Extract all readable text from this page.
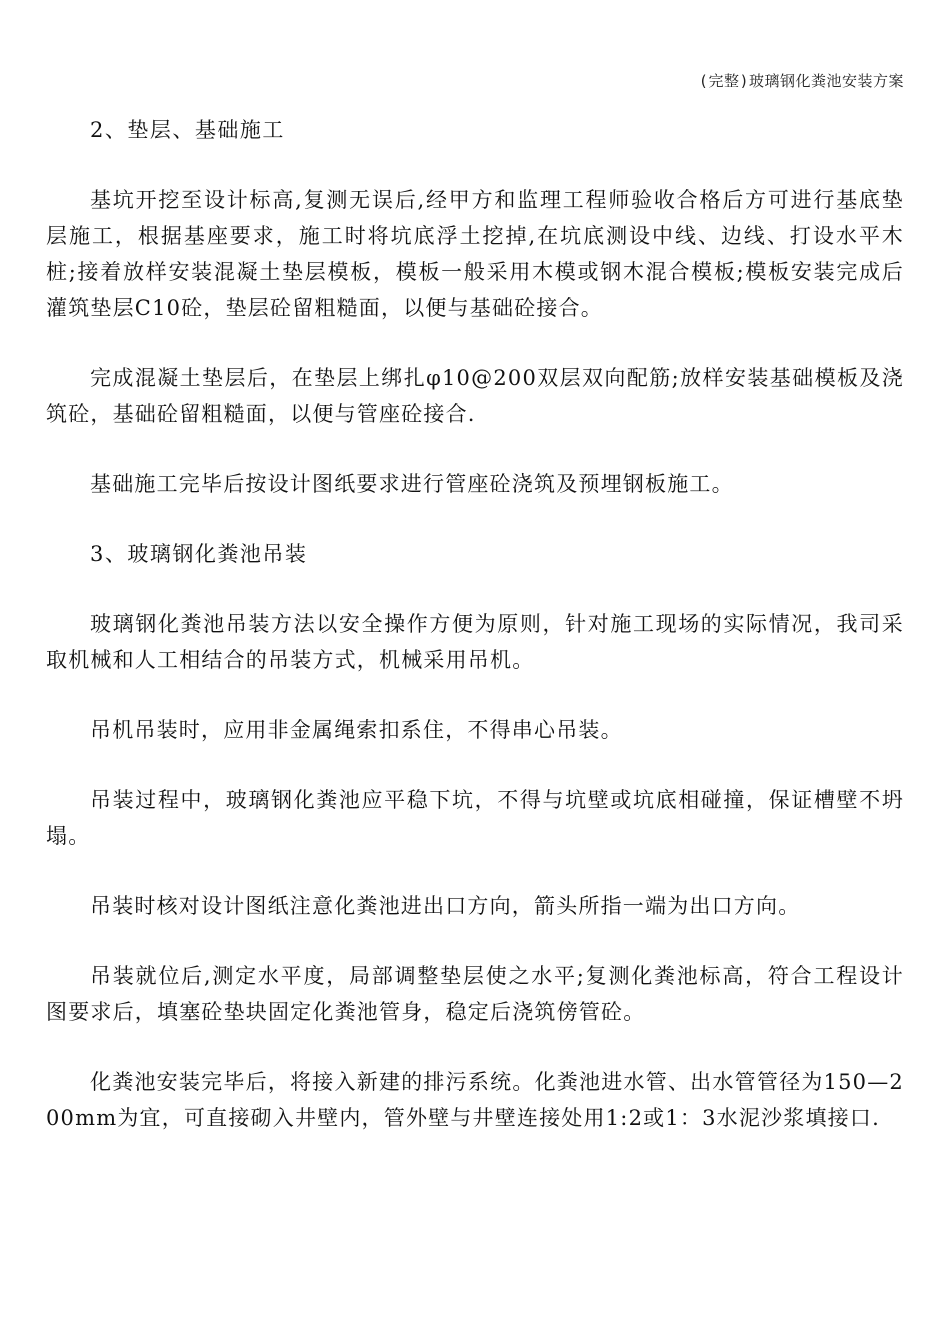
(完整)玻璃钢化粪池安装方案

2、垫层、基础施工

基坑开挖至设计标高,复测无误后,经甲方和监理工程师验收合格后方可进行基底垫层施工，根据基座要求，施工时将坑底浮土挖掉,在坑底测设中线、边线、打设水平木桩;接着放样安装混凝土垫层模板，模板一般采用木模或钢木混合模板;模板安装完成后灌筑垫层C10砼，垫层砼留粗糙面，以便与基础砼接合。

完成混凝土垫层后，在垫层上绑扎φ10@200双层双向配筋;放样安装基础模板及浇筑砼，基础砼留粗糙面，以便与管座砼接合.

基础施工完毕后按设计图纸要求进行管座砼浇筑及预埋钢板施工。

3、玻璃钢化粪池吊装

玻璃钢化粪池吊装方法以安全操作方便为原则，针对施工现场的实际情况，我司采取机械和人工相结合的吊装方式，机械采用吊机。

吊机吊装时，应用非金属绳索扣系住，不得串心吊装。

吊装过程中，玻璃钢化粪池应平稳下坑，不得与坑壁或坑底相碰撞，保证槽壁不坍塌。

吊装时核对设计图纸注意化粪池进出口方向，箭头所指一端为出口方向。

吊装就位后,测定水平度，局部调整垫层使之水平;复测化粪池标高，符合工程设计图要求后，填塞砼垫块固定化粪池管身，稳定后浇筑傍管砼。

化粪池安装完毕后，将接入新建的排污系统。化粪池进水管、出水管管径为150—200mm为宜，可直接砌入井壁内，管外壁与井壁连接处用1:2或1：3水泥沙浆填接口.
